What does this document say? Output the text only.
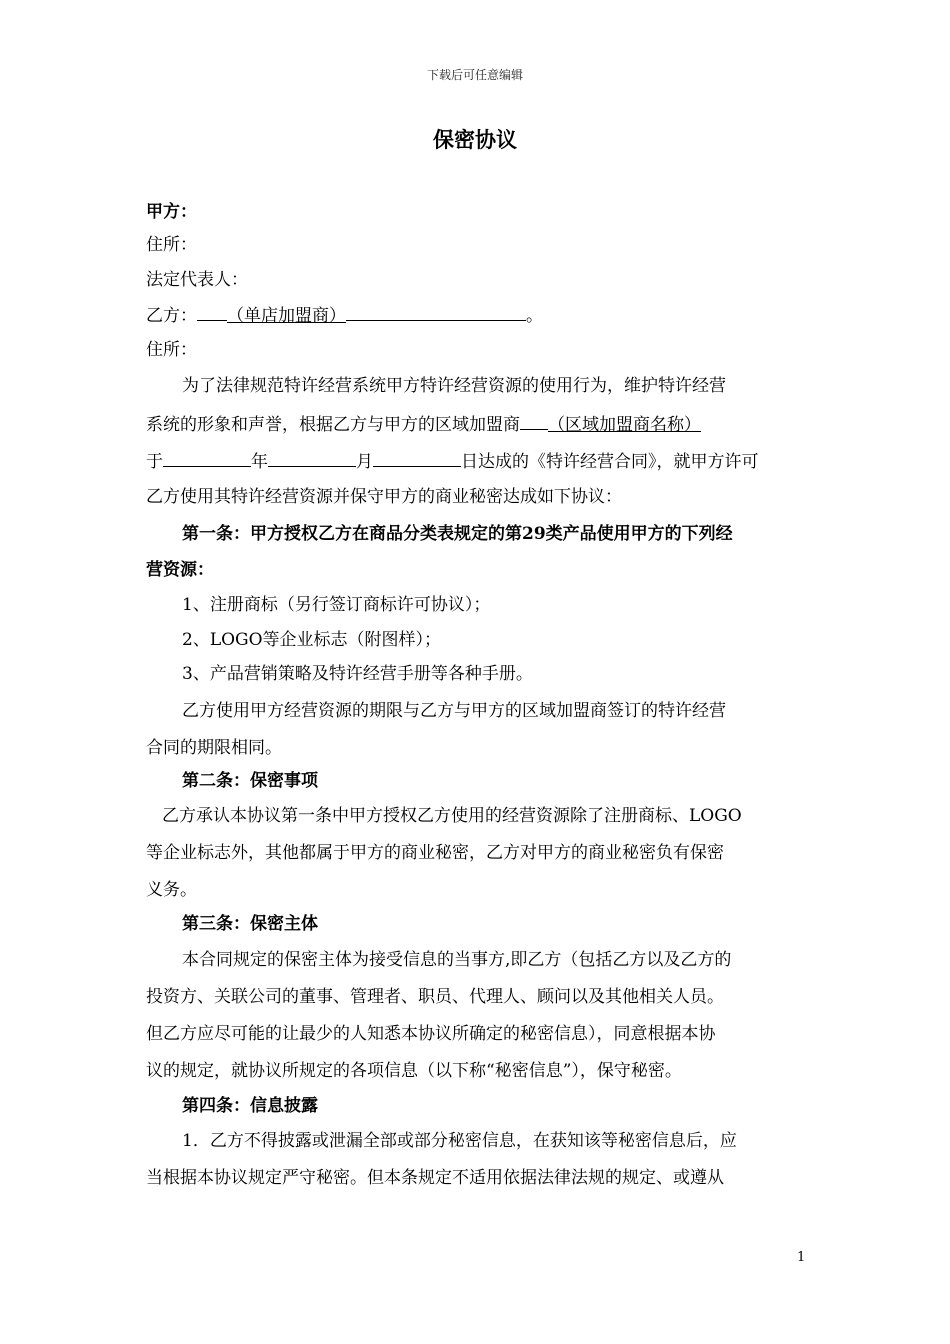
下载后可任意编辑
保密协议
甲方：
住所：
法定代表人：
乙方： （单店加盟商）	。
住所：
为了法律规范特许经营系统甲方特许经营资源的使用行为，维护特许经营
系统的形象和声誉，根据乙方与甲方的区域加盟商 （区域加盟商名称）
于	年	月	日达成的《特许经营合同》，就甲方许可
乙方使用其特许经营资源并保守甲方的商业秘密达成如下协议：
第一条：甲方授权乙方在商品分类表规定的第29类产品使用甲方的下列经
营资源：
1、注册商标（另行签订商标许可协议）；
2、LOGO等企业标志（附图样）；
3、产品营销策略及特许经营手册等各种手册。
乙方使用甲方经营资源的期限与乙方与甲方的区域加盟商签订的特许经营
合同的期限相同。
第二条：保密事项
乙方承认本协议第一条中甲方授权乙方使用的经营资源除了注册商标、LOGO
等企业标志外，其他都属于甲方的商业秘密，乙方对甲方的商业秘密负有保密
义务。
第三条：保密主体
本合同规定的保密主体为接受信息的当事方,即乙方（包括乙方以及乙方的
投资方、关联公司的董事、管理者、职员、代理人、顾问以及其他相关人员。
但乙方应尽可能的让最少的人知悉本协议所确定的秘密信息），同意根据本协
议的规定，就协议所规定的各项信息（以下称“秘密信息”），保守秘密。
第四条：信息披露
1．乙方不得披露或泄漏全部或部分秘密信息，在获知该等秘密信息后，应
当根据本协议规定严守秘密。但本条规定不适用依据法律法规的规定、或遵从
1
